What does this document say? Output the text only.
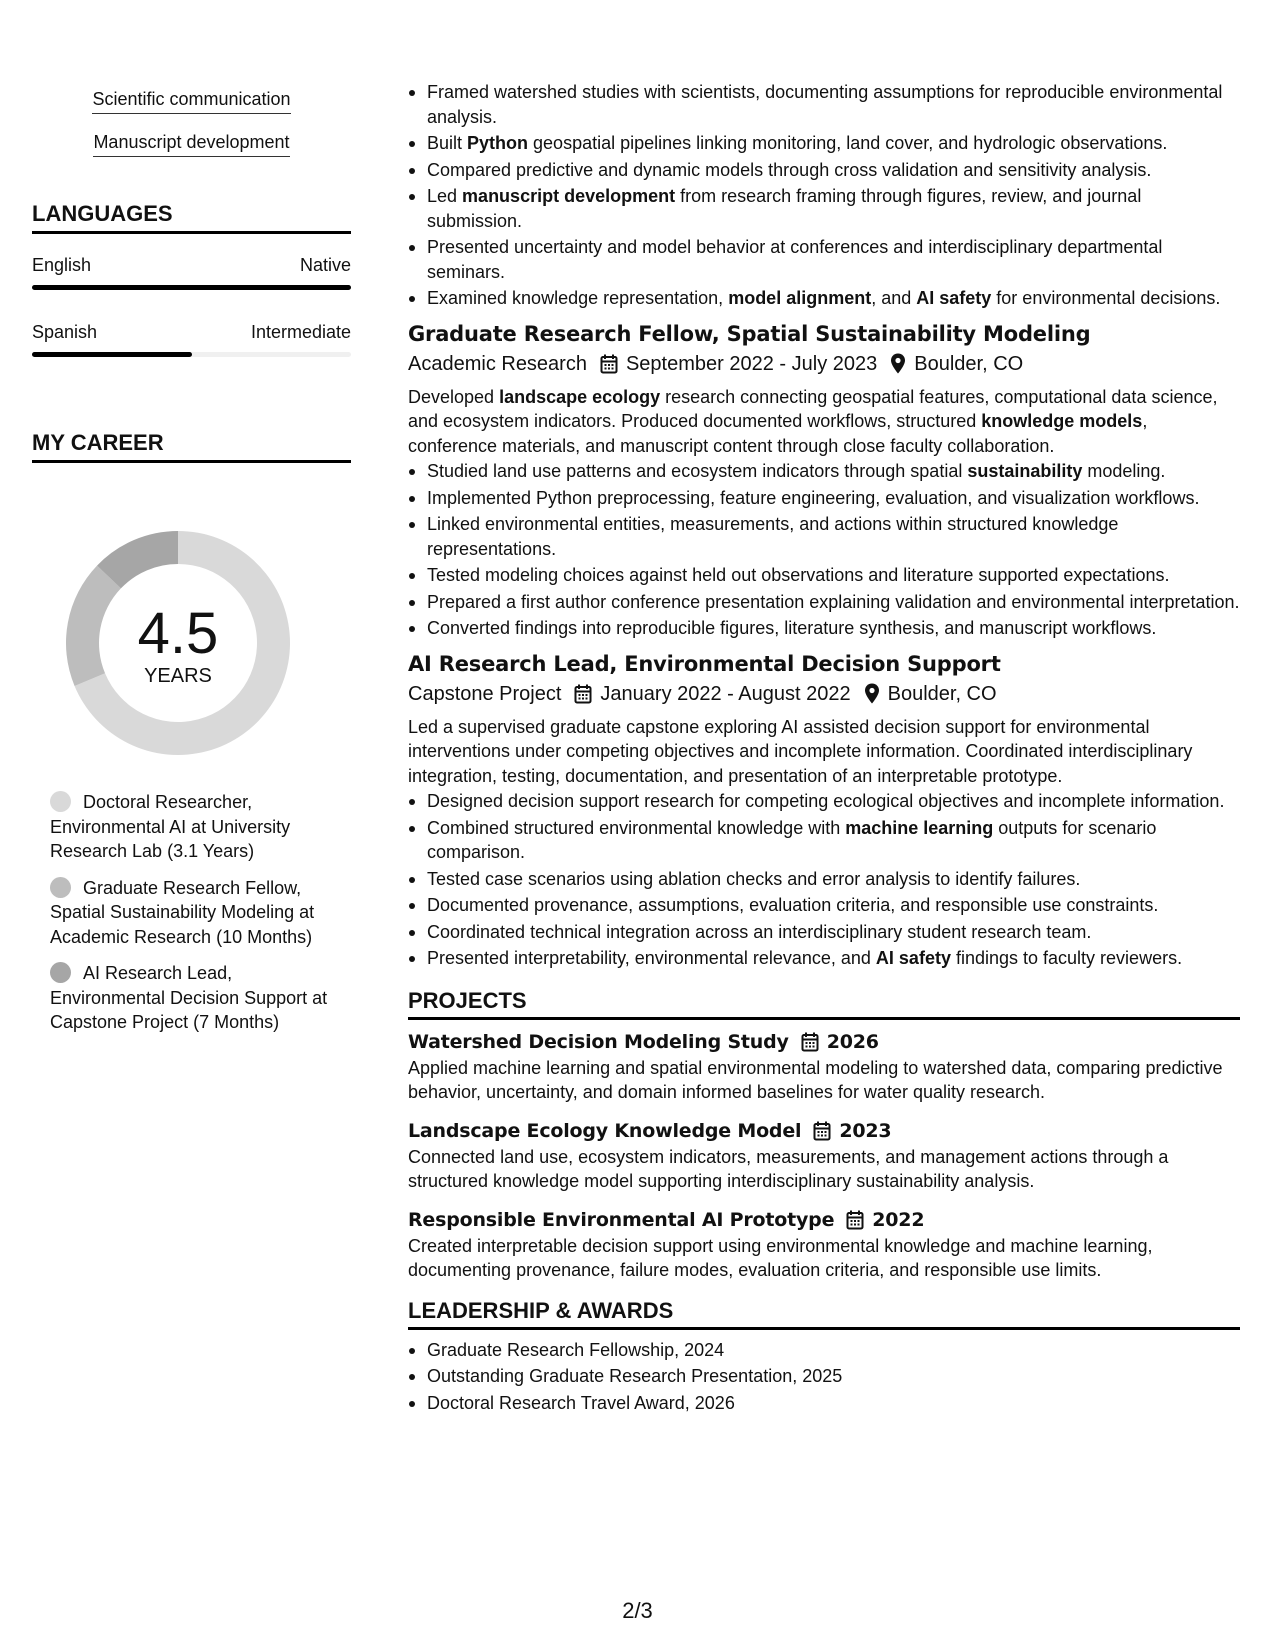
Scientific communication
Manuscript development
LANGUAGES
English	Native
Spanish	Intermediate
MY CAREER
4.5
YEARS
Doctoral Researcher, Environmental AI at University Research Lab (3.1 Years)
Graduate Research Fellow, Spatial Sustainability Modeling at Academic Research (10 Months)
AI Research Lead, Environmental Decision Support at Capstone Project (7 Months)
Framed watershed studies with scientists, documenting assumptions for reproducible environmental analysis.
Built Python geospatial pipelines linking monitoring, land cover, and hydrologic observations.
Compared predictive and dynamic models through cross validation and sensitivity analysis.
Led manuscript development from research framing through figures, review, and journal submission.
Presented uncertainty and model behavior at conferences and interdisciplinary departmental seminars.
Examined knowledge representation, model alignment, and AI safety for environmental decisions.
Graduate Research Fellow, Spatial Sustainability Modeling
Academic Research September 2022 - July 2023 Boulder, CO
Developed landscape ecology research connecting geospatial features, computational data science, and ecosystem indicators. Produced documented workflows, structured knowledge models, conference materials, and manuscript content through close faculty collaboration.
Studied land use patterns and ecosystem indicators through spatial sustainability modeling.
Implemented Python preprocessing, feature engineering, evaluation, and visualization workflows.
Linked environmental entities, measurements, and actions within structured knowledge representations.
Tested modeling choices against held out observations and literature supported expectations.
Prepared a first author conference presentation explaining validation and environmental interpretation.
Converted findings into reproducible figures, literature synthesis, and manuscript workflows.
AI Research Lead, Environmental Decision Support
Capstone Project January 2022 - August 2022 Boulder, CO
Led a supervised graduate capstone exploring AI assisted decision support for environmental interventions under competing objectives and incomplete information. Coordinated interdisciplinary integration, testing, documentation, and presentation of an interpretable prototype.
Designed decision support research for competing ecological objectives and incomplete information.
Combined structured environmental knowledge with machine learning outputs for scenario comparison.
Tested case scenarios using ablation checks and error analysis to identify failures.
Documented provenance, assumptions, evaluation criteria, and responsible use constraints.
Coordinated technical integration across an interdisciplinary student research team.
Presented interpretability, environmental relevance, and AI safety findings to faculty reviewers.
PROJECTS
Watershed Decision Modeling Study 2026
Applied machine learning and spatial environmental modeling to watershed data, comparing predictive behavior, uncertainty, and domain informed baselines for water quality research.
Landscape Ecology Knowledge Model 2023
Connected land use, ecosystem indicators, measurements, and management actions through a structured knowledge model supporting interdisciplinary sustainability analysis.
Responsible Environmental AI Prototype 2022
Created interpretable decision support using environmental knowledge and machine learning, documenting provenance, failure modes, evaluation criteria, and responsible use limits.
LEADERSHIP & AWARDS
Graduate Research Fellowship, 2024
Outstanding Graduate Research Presentation, 2025
Doctoral Research Travel Award, 2026
2/3
